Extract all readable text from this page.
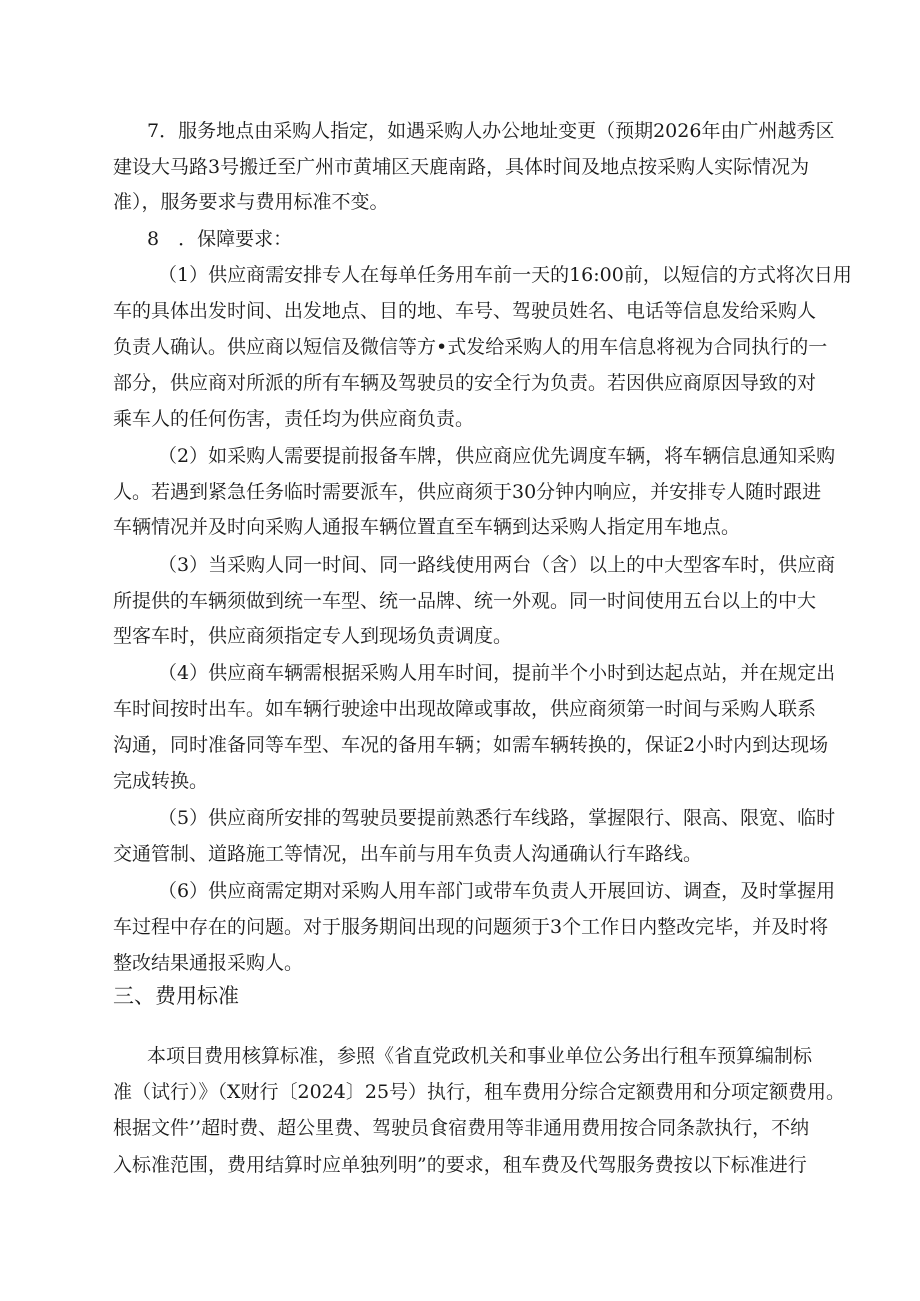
7．服务地点由采购人指定，如遇采购人办公地址变更（预期2026年由广州越秀区
建设大马路3号搬迁至广州市黄埔区天鹿南路，具体时间及地点按采购人实际情况为
准），服务要求与费用标准不变。
8　．保障要求：
（1）供应商需安排专人在每单任务用车前一天的16:00前，以短信的方式将次日用
车的具体出发时间、出发地点、目的地、车号、驾驶员姓名、电话等信息发给采购人
负责人确认。供应商以短信及微信等方•式发给采购人的用车信息将视为合同执行的一
部分，供应商对所派的所有车辆及驾驶员的安全行为负责。若因供应商原因导致的对
乘车人的任何伤害，责任均为供应商负责。
（2）如采购人需要提前报备车牌，供应商应优先调度车辆，将车辆信息通知采购
人。若遇到紧急任务临时需要派车，供应商须于30分钟内响应，并安排专人随时跟进
车辆情况并及时向采购人通报车辆位置直至车辆到达采购人指定用车地点。
（3）当采购人同一时间、同一路线使用两台（含）以上的中大型客车时，供应商
所提供的车辆须做到统一车型、统一品牌、统一外观。同一时间使用五台以上的中大
型客车时，供应商须指定专人到现场负责调度。
（4）供应商车辆需根据采购人用车时间，提前半个小时到达起点站，并在规定出
车时间按时出车。如车辆行驶途中出现故障或事故，供应商须第一时间与采购人联系
沟通，同时准备同等车型、车况的备用车辆；如需车辆转换的，保证2小时内到达现场
完成转换。
（5）供应商所安排的驾驶员要提前熟悉行车线路，掌握限行、限高、限宽、临时
交通管制、道路施工等情况，出车前与用车负责人沟通确认行车路线。
（6）供应商需定期对采购人用车部门或带车负责人开展回访、调查，及时掌握用
车过程中存在的问题。对于服务期间出现的问题须于3个工作日内整改完毕，并及时将
整改结果通报采购人。
三、费用标准
本项目费用核算标准，参照《省直党政机关和事业单位公务出行租车预算编制标
准（试行）》（X财行〔2024〕25号）执行，租车费用分综合定额费用和分项定额费用。
根据文件’’超时费、超公里费、驾驶员食宿费用等非通用费用按合同条款执行，不纳
入标准范围，费用结算时应单独列明”的要求，租车费及代驾服务费按以下标准进行
